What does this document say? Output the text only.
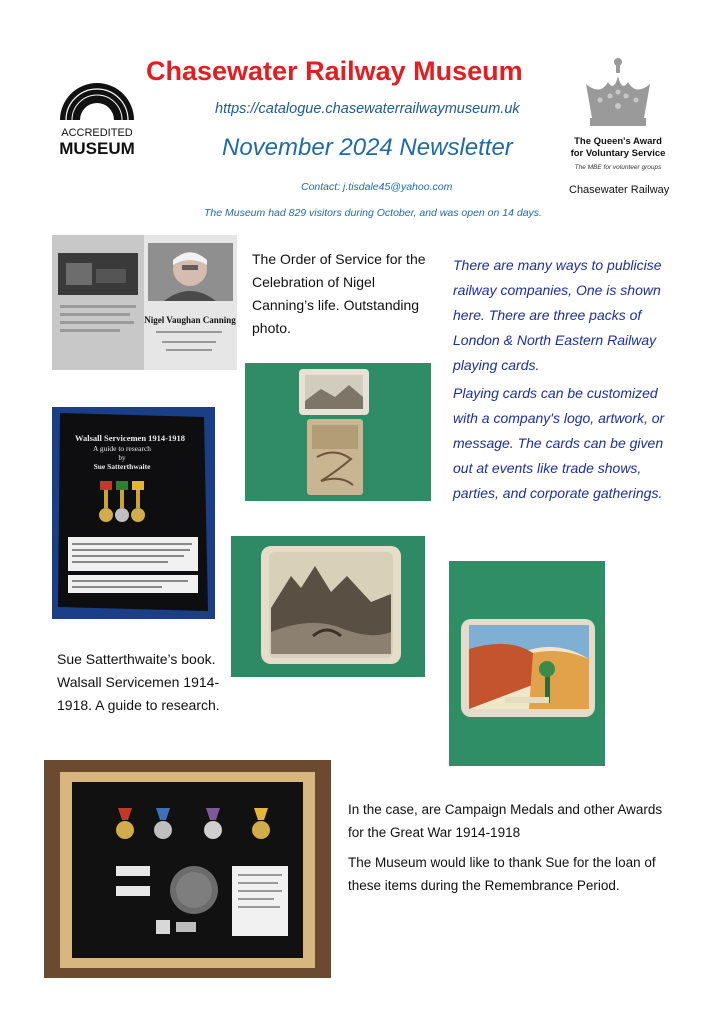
ACCREDITED
MUSEUM
Chasewater Railway Museum
https://catalogue.chasewaterrailwaymuseum.uk
November 2024 Newsletter
Contact: j.tisdale45@yahoo.com
The Museum had 829 visitors during October, and was open on 14 days.
The Queen's Award
for Voluntary Service
The MBE for volunteer groups
Chasewater Railway
Nigel Vaughan Canning
The Order of Service for the Celebration of Nigel Canning’s life. Outstanding photo.

There are many ways to publicise railway companies, One is shown here. There are three packs of London & North Eastern Railway playing cards.

Playing cards can be customized with a company's logo, artwork, or message. The cards can be given out at events like trade shows, parties, and corporate gatherings.

Walsall Servicemen 1914-1918
A guide to research
by
Sue Satterthwaite
Sue Satterthwaite’s book. Walsall Servicemen 1914-1918. A guide to research.

In the case, are Campaign Medals and other Awards for the Great War 1914-1918

The Museum would like to thank Sue for the loan of these items during the Remembrance Period.
